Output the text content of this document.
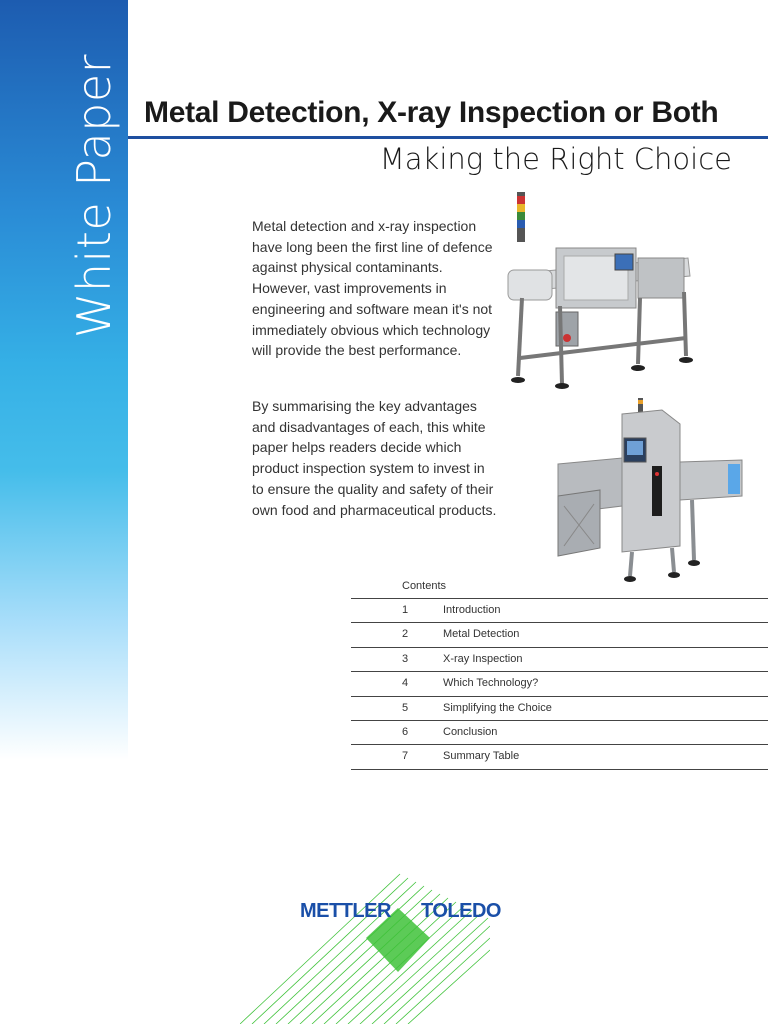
White Paper Metal Detection, X-ray Inspection or Both
Making the Right Choice

Metal detection and x-ray inspection have long been the first line of defence against physical contaminants. However, vast improvements in engineering and software mean it's not immediately obvious which technology will provide the best performance.

By summarising the key advantages and disadvantages of each, this white paper helps readers decide which product inspection system to invest in to ensure the quality and safety of their own food and pharmaceutical products.

Contents
1	Introduction
2	Metal Detection
3	X-ray Inspection
4	Which Technology?
5	Simplifying the Choice
6	Conclusion
7	Summary Table
METTLER TOLEDO
